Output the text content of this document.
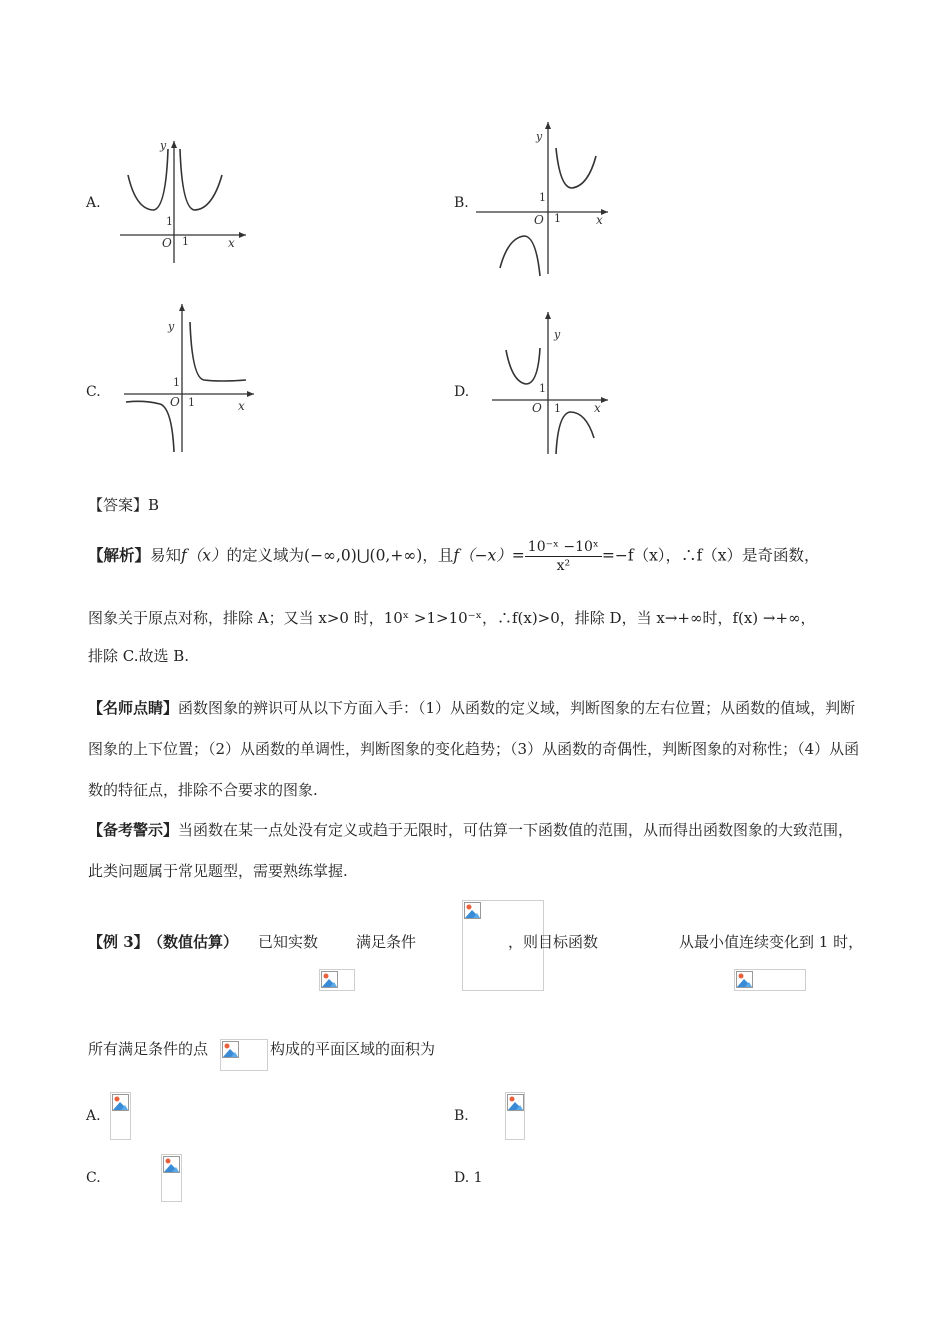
A.
y
x
O
1
1
B.
y
x
O
1
1
C.
y
x
O
1
1
D.
y
x
O
1
1
【答案】B
【解析】易知f（x）的定义域为(−∞,0)⋃(0,+∞)，且$f(-x)= \frac{\text{10⁻ˣ −10ˣ}}{\text{x²}} =-f(x)$，∴f（x）是奇函数，
图象关于原点对称，排除 A；又当 x>0 时，10ˣ >1>10⁻ˣ，∴f(x)>0，排除 D，当 x→+∞时，f(x) →+∞，
排除 C.故选 B.
【名师点睛】函数图象的辨识可从以下方面入手：（1）从函数的定义域，判断图象的左右位置；从函数的值域，判断图象的上下位置；（2）从函数的单调性，判断图象的变化趋势；（3）从函数的奇偶性，判断图象的对称性；（4）从函数的特征点，排除不合要求的图象.
【备考警示】当函数在某一点处没有定义或趋于无限时，可估算一下函数值的范围，从而得出函数图象的大致范围，此类问题属于常见题型，需要熟练掌握.
【例 3】 （数值估算） 已知实数
	满足条件
	，则目标函数	从最小值连续变化到 1 时，
所有满足条件的点	构成的平面区域的面积为
A.
	B.

C.	D. 1
